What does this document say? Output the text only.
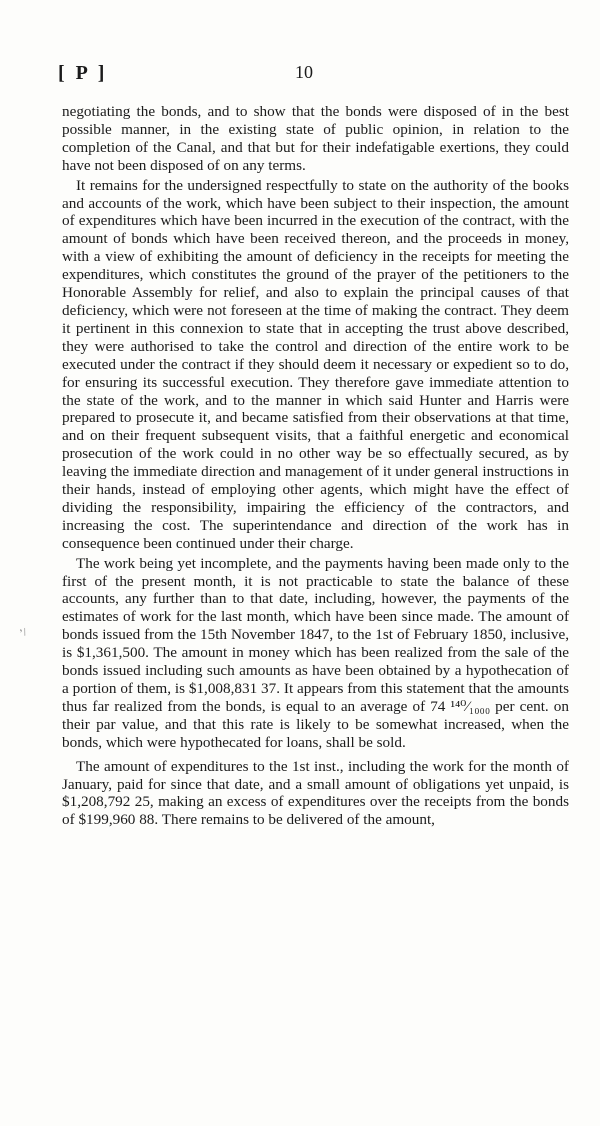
[ P ]	10
’/

negotiating the bonds, and to show that the bonds were disposed of in the best possible manner, in the existing state of public opinion, in relation to the completion of the Canal, and that but for their indefatigable exertions, they could have not been disposed of on any terms.

It remains for the undersigned respectfully to state on the authority of the books and accounts of the work, which have been subject to their inspection, the amount of expenditures which have been incurred in the execution of the contract, with the amount of bonds which have been received thereon, and the proceeds in money, with a view of exhibiting the amount of deficiency in the receipts for meeting the expenditures, which constitutes the ground of the prayer of the petitioners to the Honorable Assembly for relief, and also to explain the principal causes of that deficiency, which were not foreseen at the time of making the contract. They deem it pertinent in this connexion to state that in accepting the trust above described, they were authorised to take the control and direction of the entire work to be executed under the contract if they should deem it necessary or expedient so to do, for ensuring its successful execution. They therefore gave immediate attention to the state of the work, and to the manner in which said Hunter and Harris were prepared to prosecute it, and became satisfied from their observations at that time, and on their frequent subsequent visits, that a faithful energetic and economical prosecution of the work could in no other way be so effectually secured, as by leaving the immediate direction and management of it under general instructions in their hands, instead of employing other agents, which might have the effect of dividing the responsibility, impairing the efficiency of the contractors, and increasing the cost. The superintendance and direction of the work has in consequence been continued under their charge.

The work being yet incomplete, and the payments having been made only to the first of the present month, it is not practicable to state the balance of these accounts, any further than to that date, including, however, the payments of the estimates of work for the last month, which have been since made. The amount of bonds issued from the 15th November 1847, to the 1st of February 1850, inclusive, is $1,361,500. The amount in money which has been realized from the sale of the bonds issued including such amounts as have been obtained by a hypothecation of a portion of them, is $1,008,831 37. It appears from this statement that the amounts thus far realized from the bonds, is equal to an average of 74 ¹⁴⁰⁄₁₀₀₀ per cent. on their par value, and that this rate is likely to be somewhat increased, when the bonds, which were hypothecated for loans, shall be sold.

The amount of expenditures to the 1st inst., including the work for the month of January, paid for since that date, and a small amount of obligations yet unpaid, is $1,208,792 25, making an excess of expenditures over the receipts from the bonds of $199,960 88. There remains to be delivered of the amount,
